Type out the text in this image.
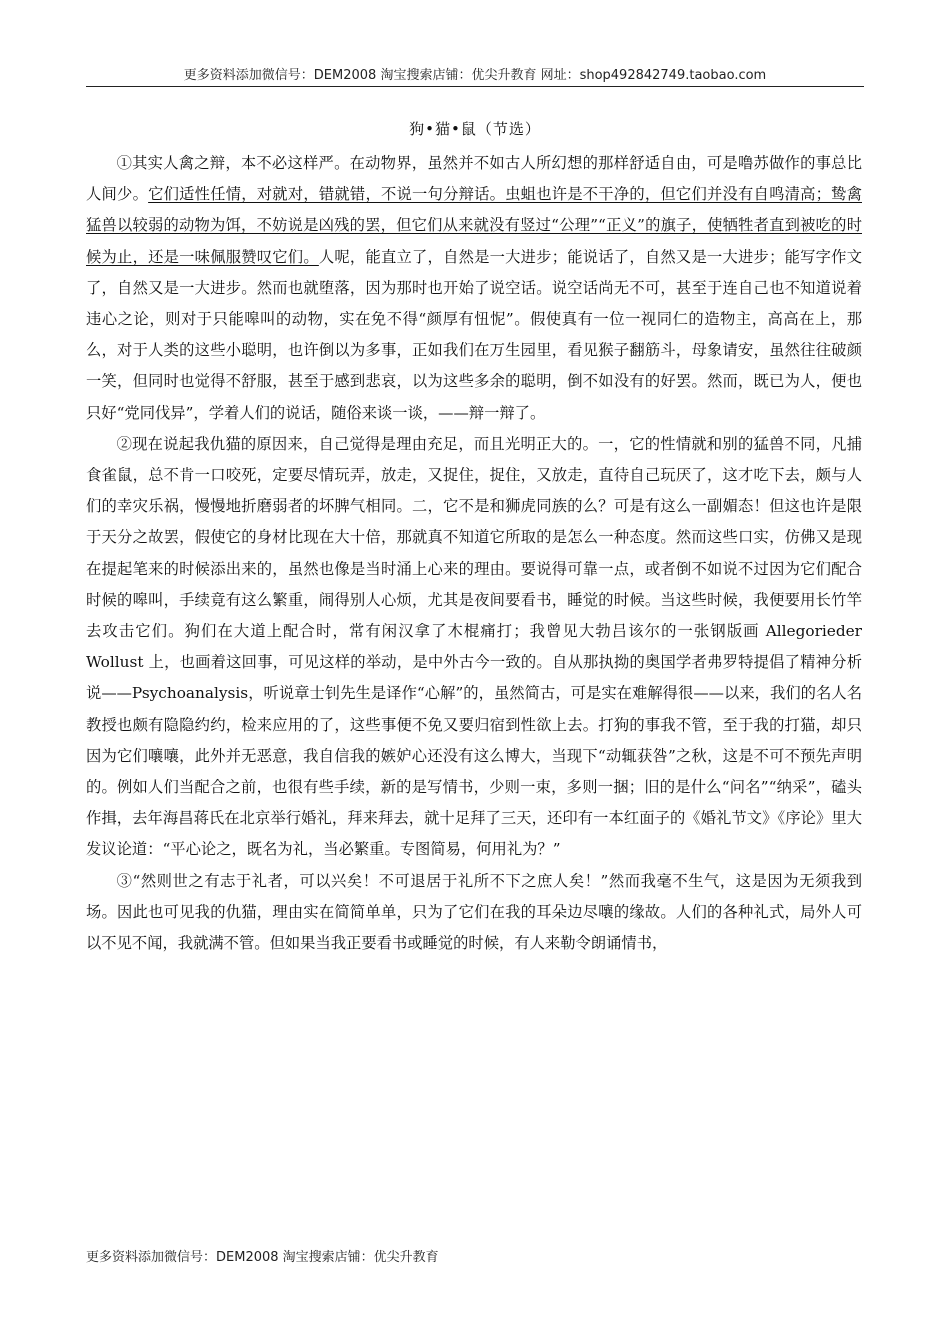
更多资料添加微信号：DEM2008 淘宝搜索店铺：优尖升教育 网址：shop492842749.taobao.com
狗•猫•鼠（节选）

①其实人禽之辩，本不必这样严。在动物界，虽然并不如古人所幻想的那样舒适自由，可是噜苏做作的事总比人间少。它们适性任情，对就对，错就错，不说一句分辩话。虫蛆也许是不干净的，但它们并没有自鸣清高；鸷禽猛兽以较弱的动物为饵，不妨说是凶残的罢，但它们从来就没有竖过“公理”“正义”的旗子，使牺牲者直到被吃的时候为止，还是一味佩服赞叹它们。人呢，能直立了，自然是一大进步；能说话了，自然又是一大进步；能写字作文了，自然又是一大进步。然而也就堕落，因为那时也开始了说空话。说空话尚无不可，甚至于连自己也不知道说着违心之论，则对于只能嗥叫的动物，实在免不得“颜厚有忸怩”。假使真有一位一视同仁的造物主，高高在上，那么，对于人类的这些小聪明，也许倒以为多事，正如我们在万生园里，看见猴子翻筋斗，母象请安，虽然往往破颜一笑，但同时也觉得不舒服，甚至于感到悲哀，以为这些多余的聪明，倒不如没有的好罢。然而，既已为人，便也只好“党同伐异”，学着人们的说话，随俗来谈一谈，——辩一辩了。

②现在说起我仇猫的原因来，自己觉得是理由充足，而且光明正大的。一，它的性情就和别的猛兽不同，凡捕食雀鼠，总不肯一口咬死，定要尽情玩弄，放走，又捉住，捉住，又放走，直待自己玩厌了，这才吃下去，颇与人们的幸灾乐祸，慢慢地折磨弱者的坏脾气相同。二，它不是和狮虎同族的么？可是有这么一副媚态！但这也许是限于天分之故罢，假使它的身材比现在大十倍，那就真不知道它所取的是怎么一种态度。然而这些口实，仿佛又是现在提起笔来的时候添出来的，虽然也像是当时涌上心来的理由。要说得可靠一点，或者倒不如说不过因为它们配合时候的嗥叫，手续竟有这么繁重，闹得别人心烦，尤其是夜间要看书，睡觉的时候。当这些时候，我便要用长竹竿去攻击它们。狗们在大道上配合时，常有闲汉拿了木棍痛打；我曾见大勃吕该尔的一张钢版画 Allegorieder Wollust 上，也画着这回事，可见这样的举动，是中外古今一致的。自从那执拗的奥国学者弗罗特提倡了精神分析说——Psychoanalysis，听说章士钊先生是译作“心解”的，虽然简古，可是实在难解得很——以来，我们的名人名教授也颇有隐隐约约，检来应用的了，这些事便不免又要归宿到性欲上去。打狗的事我不管，至于我的打猫，却只因为它们嚷嚷，此外并无恶意，我自信我的嫉妒心还没有这么博大，当现下“动辄获咎”之秋，这是不可不预先声明的。例如人们当配合之前，也很有些手续，新的是写情书，少则一束，多则一捆；旧的是什么“问名”“纳采”，磕头作揖，去年海昌蒋氏在北京举行婚礼，拜来拜去，就十足拜了三天，还印有一本红面子的《婚礼节文》《序论》里大发议论道：“平心论之，既名为礼，当必繁重。专图简易，何用礼为？”

③“然则世之有志于礼者，可以兴矣！不可退居于礼所不下之庶人矣！”然而我毫不生气，这是因为无须我到场。因此也可见我的仇猫，理由实在简简单单，只为了它们在我的耳朵边尽嚷的缘故。人们的各种礼式，局外人可以不见不闻，我就满不管。但如果当我正要看书或睡觉的时候，有人来勒令朗诵情书，

更多资料添加微信号：DEM2008 淘宝搜索店铺：优尖升教育
